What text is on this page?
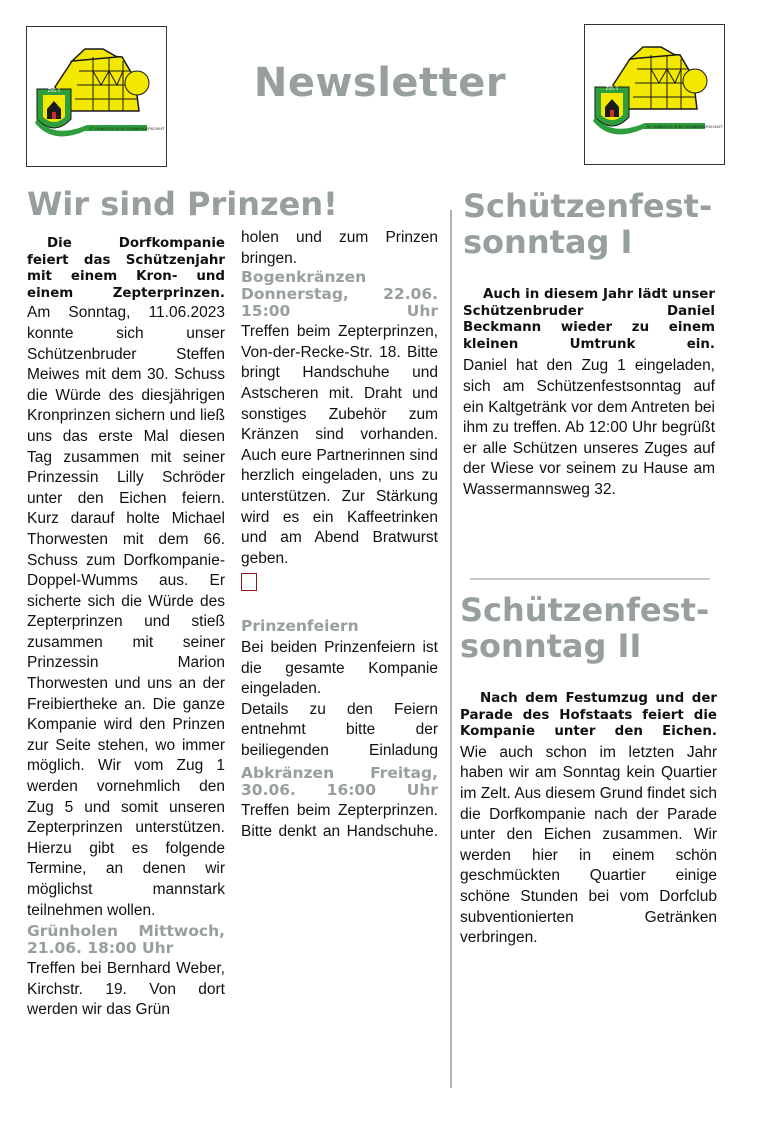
ZUG 1
ST. HUBERTUS SCHÜTZENBRUDERSCHAFT
ZUG 1
ST. HUBERTUS SCHÜTZENBRUDERSCHAFT
Newsletter
Wir sind Prinzen!

Die Dorfkompanie feiert das Schützenjahr mit einem Kron- und einem Zepterprinzen.

Am Sonntag, 11.06.2023 konnte sich unser Schützenbruder Steffen Meiwes mit dem 30. Schuss die Würde des diesjährigen Kronprinzen sichern und ließ uns das erste Mal diesen Tag zusammen mit seiner Prinzessin Lilly Schröder unter den Eichen feiern. Kurz darauf holte Michael Thorwesten mit dem 66. Schuss zum Dorfkompanie-Doppel-Wumms aus. Er sicherte sich die Würde des Zepterprinzen und stieß zusammen mit seiner Prinzessin Marion Thorwesten und uns an der Freibiertheke an. Die ganze Kompanie wird den Prinzen zur Seite stehen, wo immer möglich. Wir vom Zug 1 werden vornehmlich den Zug 5 und somit unseren Zepterprinzen unterstützen. Hierzu gibt es folgende Termine, an denen wir möglichst mannstark teilnehmen wollen.

Grünholen Mittwoch, 21.06. 18:00 Uhr

Treffen bei Bernhard Weber, Kirchstr. 19. Von dort werden wir das Grün

holen und zum Prinzen bringen.

Bogenkränzen Donnerstag, 22.06. 15:00 Uhr

Treffen beim Zepterprinzen, Von-der-Recke-Str. 18. Bitte bringt Handschuhe und Astscheren mit. Draht und sonstiges Zubehör zum Kränzen sind vorhanden. Auch eure Partnerinnen sind herzlich eingeladen, uns zu unterstützen. Zur Stärkung wird es ein Kaffeetrinken und am Abend Bratwurst geben.

Prinzenfeiern

Bei beiden Prinzenfeiern ist die gesamte Kompanie eingeladen.

Details zu den Feiern entnehmt bitte der beiliegenden Einladung

Abkränzen Freitag, 30.06. 16:00 Uhr

Treffen beim Zepterprinzen. Bitte denkt an Handschuhe.

Schützenfest-sonntag I

Auch in diesem Jahr lädt unser Schützenbruder Daniel Beckmann wieder zu einem kleinen Umtrunk ein.

Daniel hat den Zug 1 eingeladen, sich am Schützenfestsonntag auf ein Kaltgetränk vor dem Antreten bei ihm zu treffen. Ab 12:00 Uhr begrüßt er alle Schützen unseres Zuges auf der Wiese vor seinem zu Hause am Wassermannsweg 32.

Schützenfest-sonntag II

Nach dem Festumzug und der Parade des Hofstaats feiert die Kompanie unter den Eichen.

Wie auch schon im letzten Jahr haben wir am Sonntag kein Quartier im Zelt. Aus diesem Grund findet sich die Dorfkompanie nach der Parade unter den Eichen zusammen. Wir werden hier in einem schön geschmückten Quartier einige schöne Stunden bei vom Dorfclub subventionierten Getränken verbringen.
